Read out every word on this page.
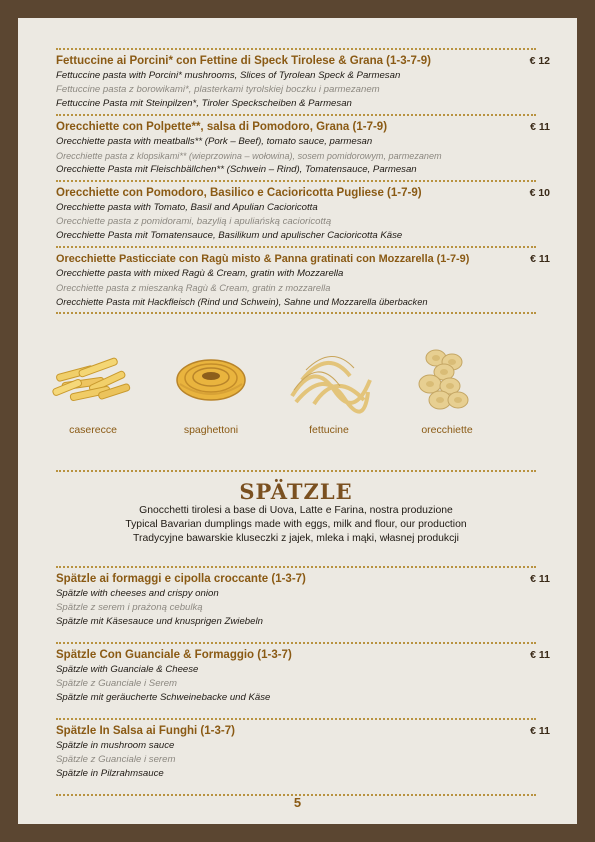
Fettuccine ai Porcini* con Fettine di Speck Tirolese & Grana (1-3-7-9)	€ 12
Fettuccine pasta with Porcini* mushrooms, Slices of Tyrolean Speck & Parmesan
Fettuccine pasta z borowikami*, plasterkami tyrolskiej boczku i parmezanem
Fettuccine Pasta mit Steinpilzen*, Tiroler Speckscheiben & Parmesan
Orecchiette con Polpette**, salsa di Pomodoro, Grana (1-7-9)	€ 11
Orecchiette pasta with meatballs** (Pork – Beef), tomato sauce, parmesan
Orecchiette pasta z klopsikami** (wieprzowina – wołowina), sosem pomidorowym, parmezanem
Orecchiette Pasta mit Fleischbällchen** (Schwein – Rind), Tomatensauce, Parmesan
Orecchiette con Pomodoro, Basilico e Cacioricotta Pugliese (1-7-9)	€ 10
Orecchiette pasta with Tomato, Basil and Apulian Cacioricotta
Orecchiette pasta z pomidorami, bazylią i apuliańską cacioricottą
Orecchiette Pasta mit Tomatensauce, Basilikum und apulischer Cacioricotta Käse
Orecchiette Pasticciate con Ragù misto & Panna gratinati con Mozzarella (1-7-9)	€ 11
Orecchiette pasta with mixed Ragù & Cream, gratin with Mozzarella
Orecchiette pasta z mieszanką Ragù & Cream, gratin z mozzarella
Orecchiette Pasta mit Hackfleisch (Rind und Schwein), Sahne und Mozzarella überbacken
caserecce	spaghettoni	fettucine	orecchiette
SPÄTZLE
Gnocchetti tirolesi a base di Uova, Latte e Farina, nostra produzione
Typical Bavarian dumplings made with eggs, milk and flour, our production
Tradycyjne bawarskie kluseczki z jajek, mleka i mąki, własnej produkcji
Spätzle ai formaggi e cipolla croccante (1-3-7)	€ 11
Spätzle with cheeses and crispy onion
Spätzle z serem i prażoną cebulką
Spätzle mit Käsesauce und knusprigen Zwiebeln
Spätzle Con Guanciale & Formaggio (1-3-7)	€ 11
Spätzle with Guanciale & Cheese
Spätzle z Guanciale i Serem
Spätzle mit geräucherte Schweinebacke und Käse
Spätzle In Salsa ai Funghi (1-3-7)	€ 11
Spätzle in mushroom sauce
Spätzle z Guanciale i serem
Spätzle in Pilzrahmsauce
5
